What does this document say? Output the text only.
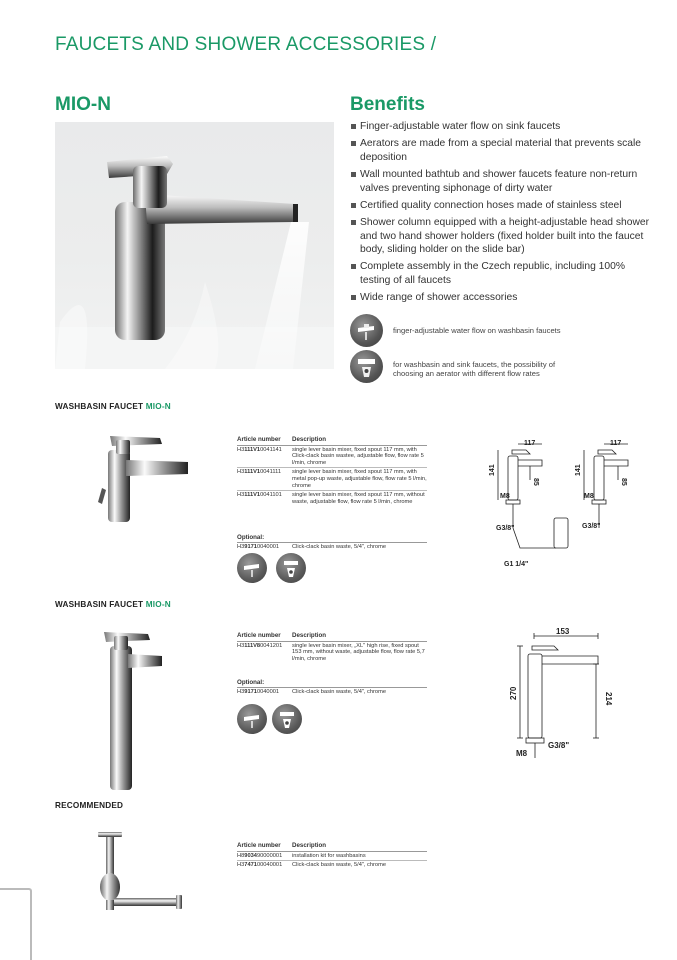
FAUCETS AND SHOWER ACCESSORIES /
MIO-N	Benefits
Finger-adjustable water flow on sink faucets
Aerators are made from a special material that prevents scale deposition
Wall mounted bathtub and shower faucets feature non-return valves preventing siphonage of dirty water
Certified quality connection hoses made of stainless steel
Shower column equipped with a height-adjustable head shower and two hand shower holders (fixed holder built into the faucet body, sliding holder on the slide bar)
Complete assembly in the Czech republic, including 100% testing of all faucets
Wide range of shower accessories
finger-adjustable water flow on washbasin faucets
for washbasin and sink faucets, the possibility of choosing an aerator with different flow rates
WASHBASIN FAUCET MIO-N
Article number	Description
H3111V10041141	single lever basin mixer, fixed spout 117 mm, with Click-clack basin wastee, adjustable flow, flow rate 5 l/min, chrome
H3111V10041111	single lever basin mixer, fixed spout 117 mm, with metal pop-up waste, adjustable flow, flow rate 5 l/min, chrome
H3111V10041101	single lever basin mixer, fixed spout 117 mm, without waste, adjustable flow, flow rate 5 l/min, chrome
Optional:
H391710040001	Click-clack basin waste, 5/4", chrome
117
141
85
M8
G3/8"
G1 1/4"
117
141
85
M8
G3/8"
WASHBASIN FAUCET MIO-N
Article number	Description
H3111V80041201	single lever basin mixer, „XL" high rise, fixed spout 153 mm, without waste, adjustable flow, flow rate 5,7 l/min, chrome
Optional:
H391710040001	Click-clack basin waste, 5/4", chrome
153
270	214
M8
G3/8"
RECOMMENDED
Article number	Description
H8903490000001	installation kit for washbasins
H3747100040001	Click-clack basin waste, 5/4", chrome
